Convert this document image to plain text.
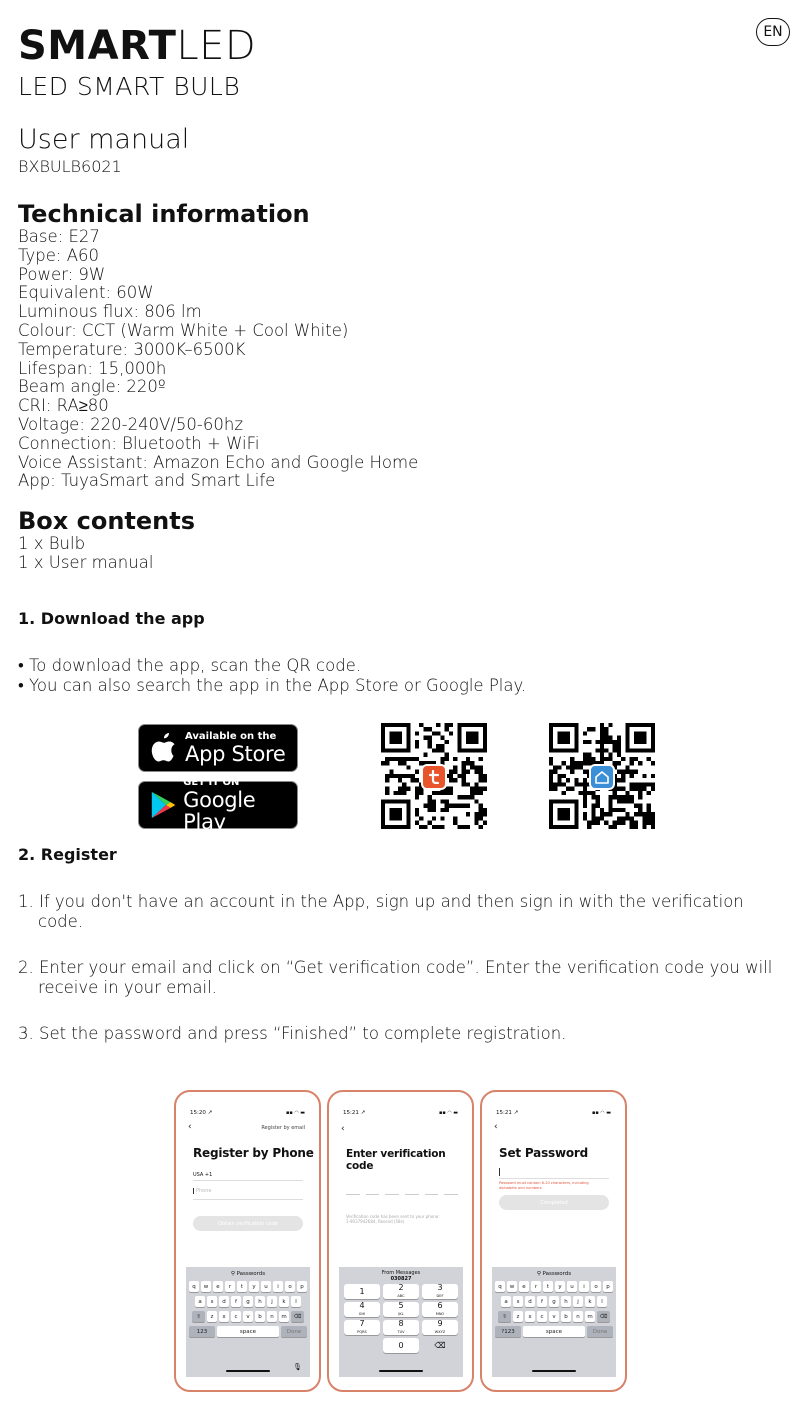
SMARTLED
LED SMART BULB
EN
User manual
BXBULB6021
Technical information

Base: E27

Type: A60

Power: 9W

Equivalent: 60W

Luminous flux: 806 lm

Colour: CCT (Warm White + Cool White)

Temperature: 3000K–6500K

Lifespan: 15,000h

Beam angle: 220º

CRI: RA≥80

Voltage: 220-240V/50-60hz

Connection: Bluetooth + WiFi

Voice Assistant: Amazon Echo and Google Home

App: TuyaSmart and Smart Life

Box contents

1 x Bulb

1 x User manual

1. Download the app

• To download the app, scan the QR code.

• You can also search the app in the App Store or Google Play.

Available on the
App Store
GET IT ON
Google Play
2. Register

1. If you don't have an account in the App, sign up and then sign in with the verification

code.

2. Enter your email and click on “Get verification code”. Enter the verification code you will

receive in your email.

3. Set the password and press “Finished” to complete registration.

15:20 ↗	▪▪ ◠ ▬
‹	Register by email
Register by Phone
USA +1
Phone
Obtain verification code
⚲ Passwords
q	w	e	r	t	y	u	i	o	p
a	s	d	f	g	h	j	k	l
⇧	z	x	c	v	b	n	m	⌫
123	space	Done
🎙
15:21 ↗	▪▪ ◠ ▬
‹
Enter verification code
Verification code has been sent to your phone:
1-9037942684, Resend (58s)
From Messages
030827
1	2
ABC
3
DEF
4
GHI
5
JKL
6
MNO
7
PQRS
8
TUV
9
WXYZ
0	⌫
15:21 ↗	▪▪ ◠ ▬
‹
Set Password
Password must contain 6-20 characters, including
alphabets and numbers
Completed
⚲ Passwords
q	w	e	r	t	y	u	i	o	p
a	s	d	f	g	h	j	k	l
⇧	z	x	c	v	b	n	m	⌫
?123	space	Done
